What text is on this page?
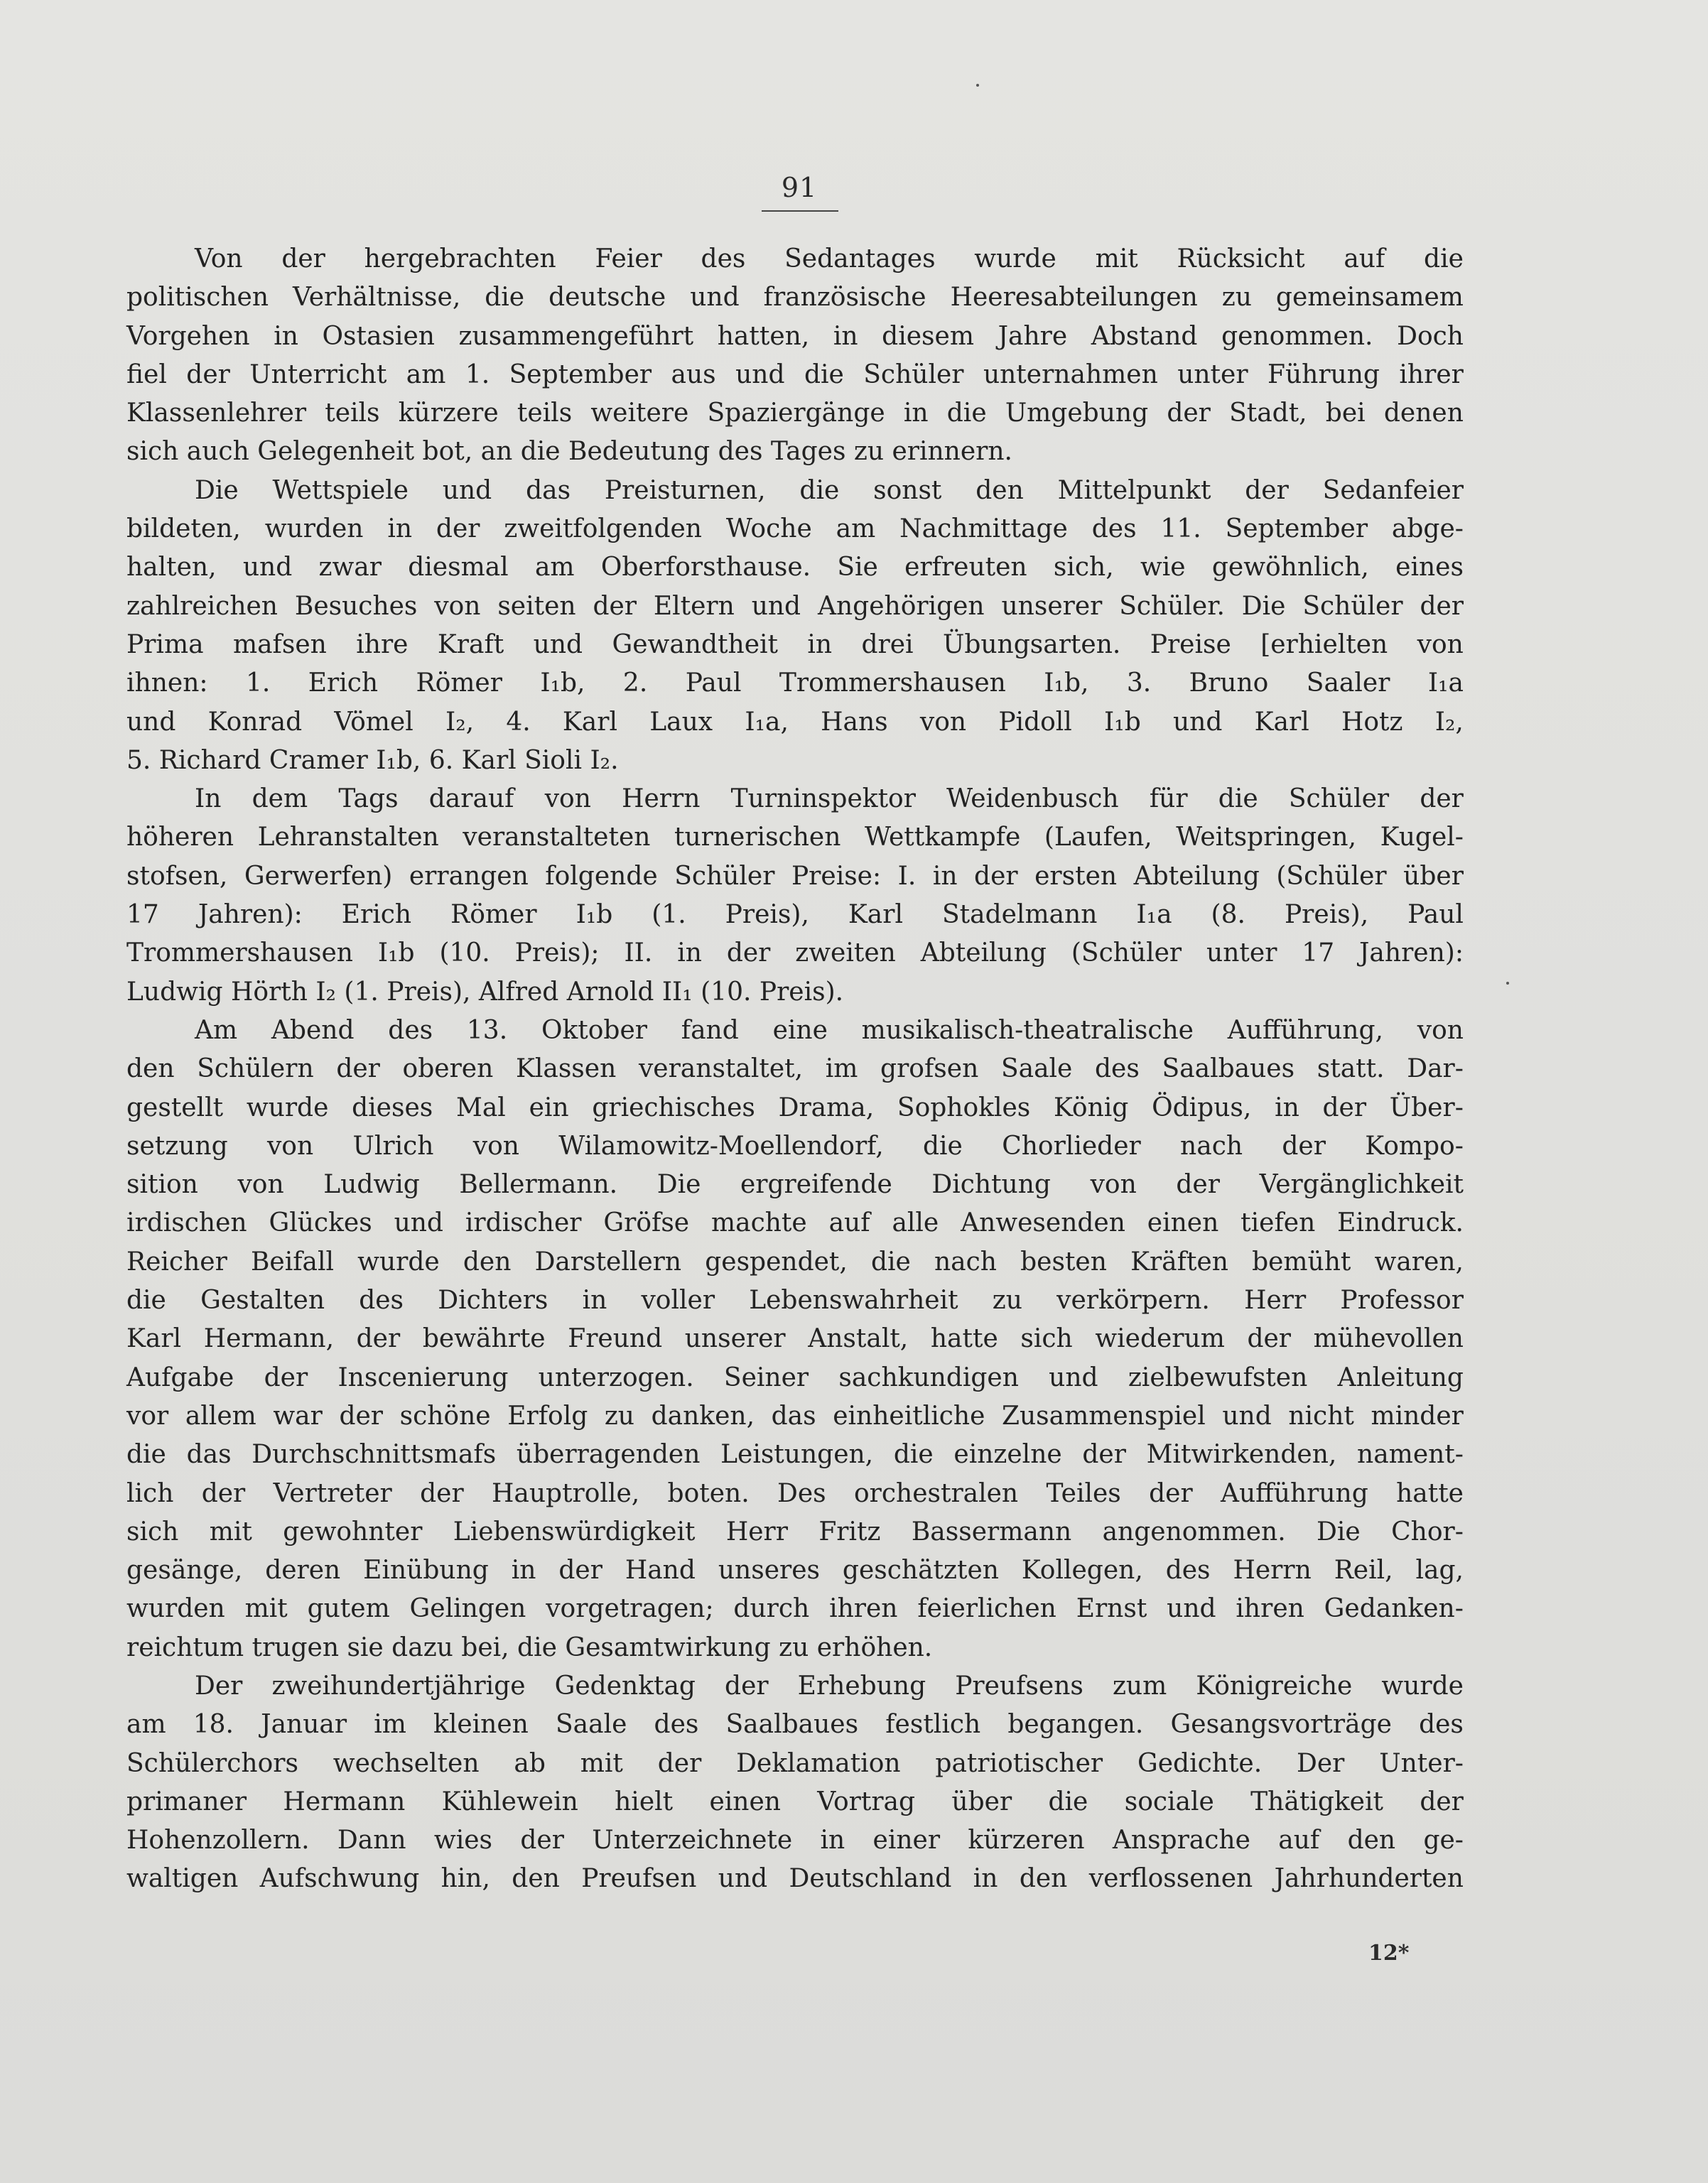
91
Von der hergebrachten Feier des Sedantages wurde mit Rücksicht auf die
politischen Verhältnisse, die deutsche und französische Heeresabteilungen zu gemeinsamem
Vorgehen in Ostasien zusammengeführt hatten, in diesem Jahre Abstand genommen. Doch
fiel der Unterricht am 1. September aus und die Schüler unternahmen unter Führung ihrer
Klassenlehrer teils kürzere teils weitere Spaziergänge in die Umgebung der Stadt, bei denen
sich auch Gelegenheit bot, an die Bedeutung des Tages zu erinnern.
Die Wettspiele und das Preisturnen, die sonst den Mittelpunkt der Sedanfeier
bildeten, wurden in der zweitfolgenden Woche am Nachmittage des 11. September abge-
halten, und zwar diesmal am Oberforsthause. Sie erfreuten sich, wie gewöhnlich, eines
zahlreichen Besuches von seiten der Eltern und Angehörigen unserer Schüler. Die Schüler der
Prima mafsen ihre Kraft und Gewandtheit in drei Übungsarten. Preise [erhielten von
ihnen: 1. Erich Römer I₁b, 2. Paul Trommershausen I₁b, 3. Bruno Saaler I₁a
und Konrad Vömel I₂, 4. Karl Laux I₁a, Hans von Pidoll I₁b und Karl Hotz I₂,
5. Richard Cramer I₁b, 6. Karl Sioli I₂.
In dem Tags darauf von Herrn Turninspektor Weidenbusch für die Schüler der
höheren Lehranstalten veranstalteten turnerischen Wettkampfe (Laufen, Weitspringen, Kugel-
stofsen, Gerwerfen) errangen folgende Schüler Preise: I. in der ersten Abteilung (Schüler über
17 Jahren): Erich Römer I₁b (1. Preis), Karl Stadelmann I₁a (8. Preis), Paul
Trommershausen I₁b (10. Preis); II. in der zweiten Abteilung (Schüler unter 17 Jahren):
Ludwig Hörth I₂ (1. Preis), Alfred Arnold II₁ (10. Preis).
Am Abend des 13. Oktober fand eine musikalisch-theatralische Aufführung, von
den Schülern der oberen Klassen veranstaltet, im grofsen Saale des Saalbaues statt. Dar-
gestellt wurde dieses Mal ein griechisches Drama, Sophokles König Ödipus, in der Über-
setzung von Ulrich von Wilamowitz-Moellendorf, die Chorlieder nach der Kompo-
sition von Ludwig Bellermann. Die ergreifende Dichtung von der Vergänglichkeit
irdischen Glückes und irdischer Gröfse machte auf alle Anwesenden einen tiefen Eindruck.
Reicher Beifall wurde den Darstellern gespendet, die nach besten Kräften bemüht waren,
die Gestalten des Dichters in voller Lebenswahrheit zu verkörpern. Herr Professor
Karl Hermann, der bewährte Freund unserer Anstalt, hatte sich wiederum der mühevollen
Aufgabe der Inscenierung unterzogen. Seiner sachkundigen und zielbewufsten Anleitung
vor allem war der schöne Erfolg zu danken, das einheitliche Zusammenspiel und nicht minder
die das Durchschnittsmafs überragenden Leistungen, die einzelne der Mitwirkenden, nament-
lich der Vertreter der Hauptrolle, boten. Des orchestralen Teiles der Aufführung hatte
sich mit gewohnter Liebenswürdigkeit Herr Fritz Bassermann angenommen. Die Chor-
gesänge, deren Einübung in der Hand unseres geschätzten Kollegen, des Herrn Reil, lag,
wurden mit gutem Gelingen vorgetragen; durch ihren feierlichen Ernst und ihren Gedanken-
reichtum trugen sie dazu bei, die Gesamtwirkung zu erhöhen.
Der zweihundertjährige Gedenktag der Erhebung Preufsens zum Königreiche wurde
am 18. Januar im kleinen Saale des Saalbaues festlich begangen. Gesangsvorträge des
Schülerchors wechselten ab mit der Deklamation patriotischer Gedichte. Der Unter-
primaner Hermann Kühlewein hielt einen Vortrag über die sociale Thätigkeit der
Hohenzollern. Dann wies der Unterzeichnete in einer kürzeren Ansprache auf den ge-
waltigen Aufschwung hin, den Preufsen und Deutschland in den verflossenen Jahrhunderten
12*
